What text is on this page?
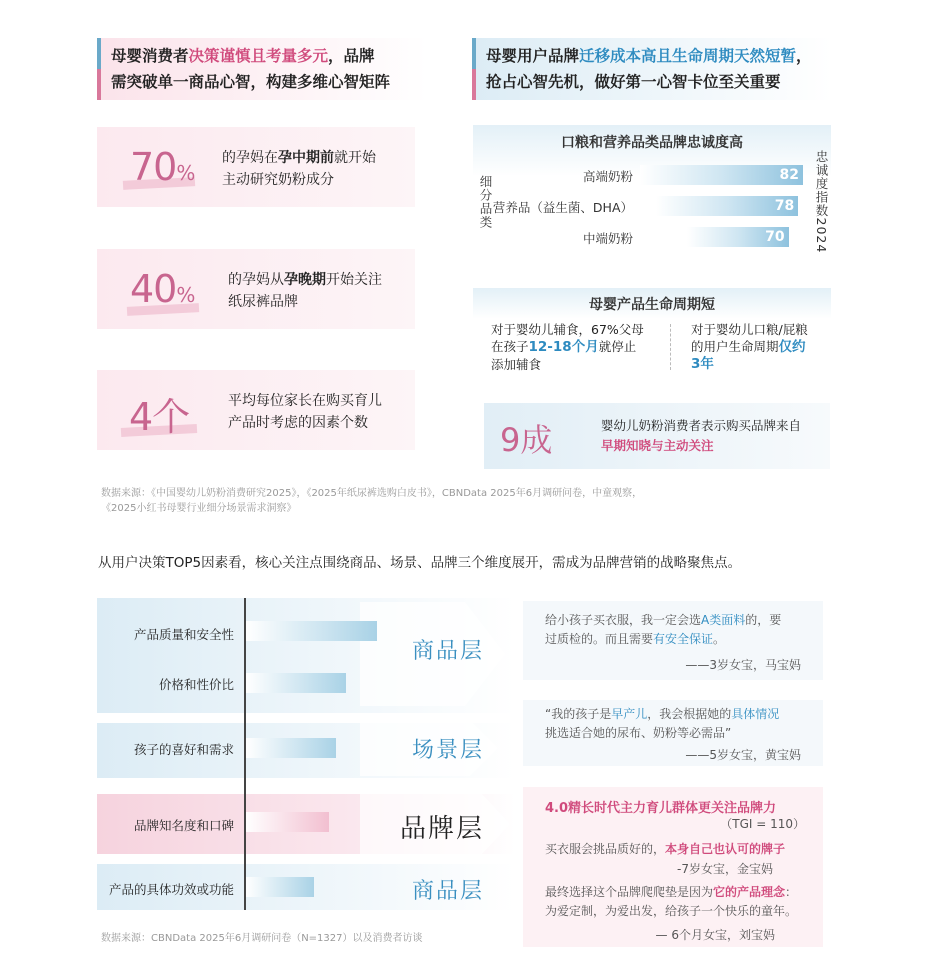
母婴消费者决策谨慎且考量多元，品牌
需突破单一商品心智，构建多维心智矩阵
母婴用户品牌迁移成本高且生命周期天然短暂，
抢占心智先机，做好第一心智卡位至关重要
70%
的孕妈在孕中期前就开始
主动研究奶粉成分
40%
的孕妈从孕晚期开始关注
纸尿裤品牌
4个	平均每位家长在购买育儿
产品时考虑的因素个数
口粮和营养品类品牌忠诚度高
细分品类	忠诚度指数2024
82
高端奶粉
78
营养品（益生菌、DHA）
70
中端奶粉
母婴产品生命周期短
对于婴幼儿辅食，67%父母
在孩子12-18个月就停止
添加辅食
对于婴幼儿口粮/屁粮
的用户生命周期仅约
3年
9成	婴幼儿奶粉消费者表示购买品牌来自
早期知晓与主动关注
数据来源：《中国婴幼儿奶粉消费研究2025》，《2025年纸尿裤选购白皮书》，CBNData 2025年6月调研问卷，中童观察，
《2025小红书母婴行业细分场景需求洞察》
从用户决策TOP5因素看，核心关注点围绕商品、场景、品牌三个维度展开，需成为品牌营销的战略聚焦点。
产品质量和安全性
价格和性价比
孩子的喜好和需求
品牌知名度和口碑
产品的具体功效或功能
商品层
场景层
品牌层
商品层
给小孩子买衣服，我一定会选A类面料的，要
过质检的。而且需要有安全保证。
——3岁女宝，马宝妈
“我的孩子是早产儿，我会根据她的具体情况
挑选适合她的尿布、奶粉等必需品”
——5岁女宝，黄宝妈
4.0精长时代主力育儿群体更关注品牌力
（TGI = 110）
买衣服会挑品质好的，本身自己也认可的牌子
-7岁女宝，金宝妈
最终选择这个品牌爬爬垫是因为它的产品理念：
为爱定制，为爱出发，给孩子一个快乐的童年。
— 6个月女宝，刘宝妈
数据来源：CBNData 2025年6月调研问卷（N=1327）以及消费者访谈
